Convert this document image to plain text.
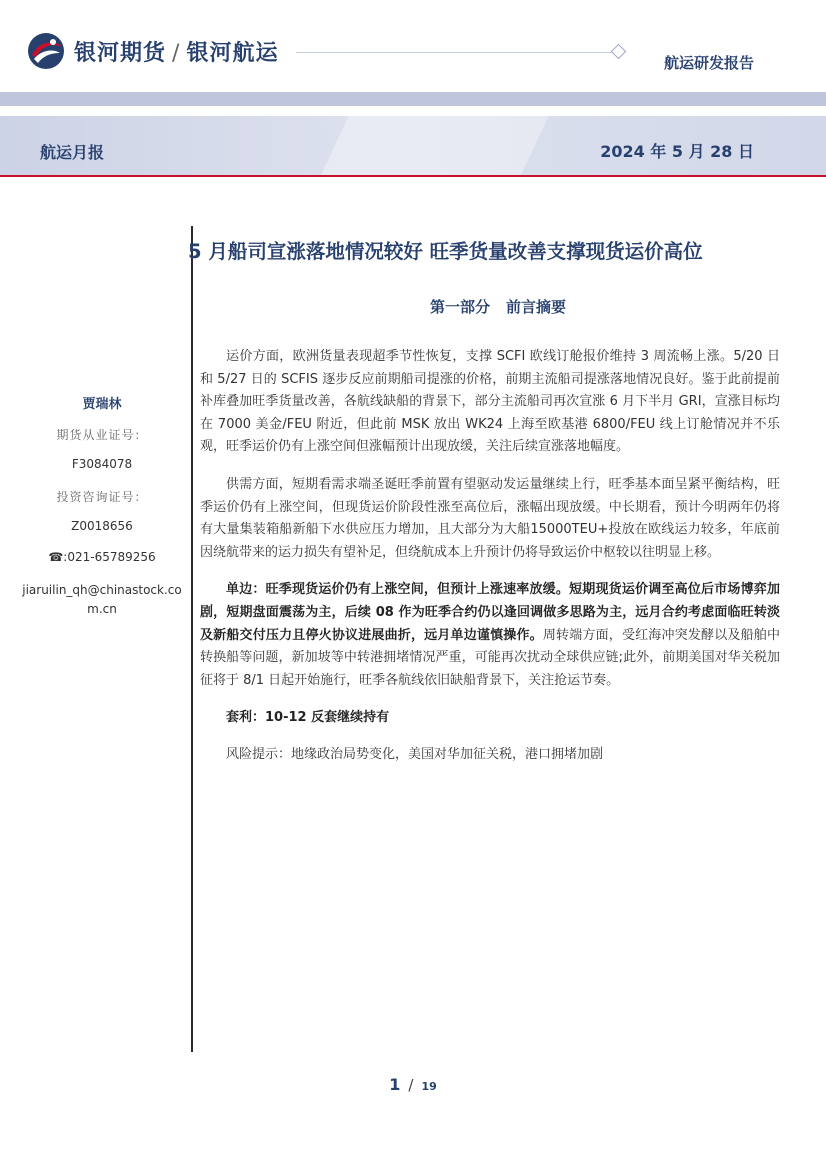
银河期货 / 银河航运	航运研发报告
航运月报	2024 年 5 月 28 日
贾瑞林
期货从业证号：
F3084078
投资咨询证号：
Z0018656
☎:021-65789256
jiaruilin_qh@chinastock.com.cn
5 月船司宣涨落地情况较好 旺季货量改善支撑现货运价高位
第一部分 前言摘要

运价方面，欧洲货量表现超季节性恢复，支撑 SCFI 欧线订舱报价维持 3 周流畅上涨。5/20 日和 5/27 日的 SCFIS 逐步反应前期船司提涨的价格，前期主流船司提涨落地情况良好。鉴于此前提前补库叠加旺季货量改善，各航线缺船的背景下，部分主流船司再次宣涨 6 月下半月 GRI，宣涨目标均在 7000 美金/FEU 附近，但此前 MSK 放出 WK24 上海至欧基港 6800/FEU 线上订舱情况并不乐观，旺季运价仍有上涨空间但涨幅预计出现放缓，关注后续宣涨落地幅度。

供需方面，短期看需求端圣诞旺季前置有望驱动发运量继续上行，旺季基本面呈紧平衡结构，旺季运价仍有上涨空间，但现货运价阶段性涨至高位后，涨幅出现放缓。中长期看，预计今明两年仍将有大量集装箱船新船下水供应压力增加，且大部分为大船15000TEU+投放在欧线运力较多，年底前因绕航带来的运力损失有望补足，但绕航成本上升预计仍将导致运价中枢较以往明显上移。

单边：旺季现货运价仍有上涨空间，但预计上涨速率放缓。短期现货运价调至高位后市场博弈加剧，短期盘面震荡为主，后续 08 作为旺季合约仍以逢回调做多思路为主，远月合约考虑面临旺转淡及新船交付压力且停火协议进展曲折，远月单边谨慎操作。周转端方面，受红海冲突发酵以及船舶中转换船等问题，新加坡等中转港拥堵情况严重，可能再次扰动全球供应链;此外，前期美国对华关税加征将于 8/1 日起开始施行，旺季各航线依旧缺船背景下，关注抢运节奏。

套利：10-12 反套继续持有

风险提示：地缘政治局势变化，美国对华加征关税，港口拥堵加剧

1 / 19
